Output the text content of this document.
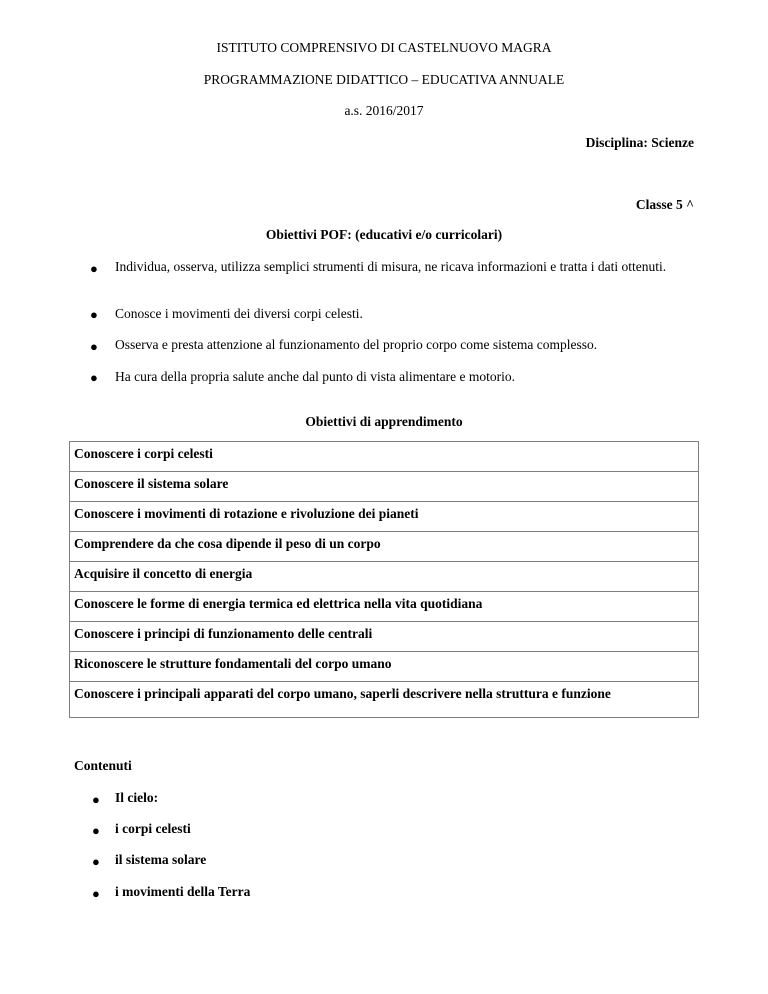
ISTITUTO COMPRENSIVO DI CASTELNUOVO MAGRA
PROGRAMMAZIONE DIDATTICO – EDUCATIVA ANNUALE
a.s. 2016/2017
Disciplina: Scienze
Classe 5 ^
Obiettivi POF: (educativi e/o curricolari)
● Individua, osserva, utilizza semplici strumenti di misura, ne ricava informazioni e tratta i dati ottenuti.
● Conosce i movimenti dei diversi corpi celesti.
● Osserva e presta attenzione al funzionamento del proprio corpo come sistema complesso.
● Ha cura della propria salute anche dal punto di vista alimentare e motorio.
Obiettivi di apprendimento
Conoscere i corpi celesti
Conoscere il sistema solare
Conoscere i movimenti di rotazione e rivoluzione dei pianeti
Comprendere da che cosa dipende il peso di un corpo
Acquisire il concetto di energia
Conoscere le forme di energia termica ed elettrica nella vita quotidiana
Conoscere i principi di funzionamento delle centrali
Riconoscere le strutture fondamentali del corpo umano
Conoscere i principali apparati del corpo umano, saperli descrivere nella struttura e funzione
Contenuti
● Il cielo:
● i corpi celesti
● il sistema solare
● i movimenti della Terra
